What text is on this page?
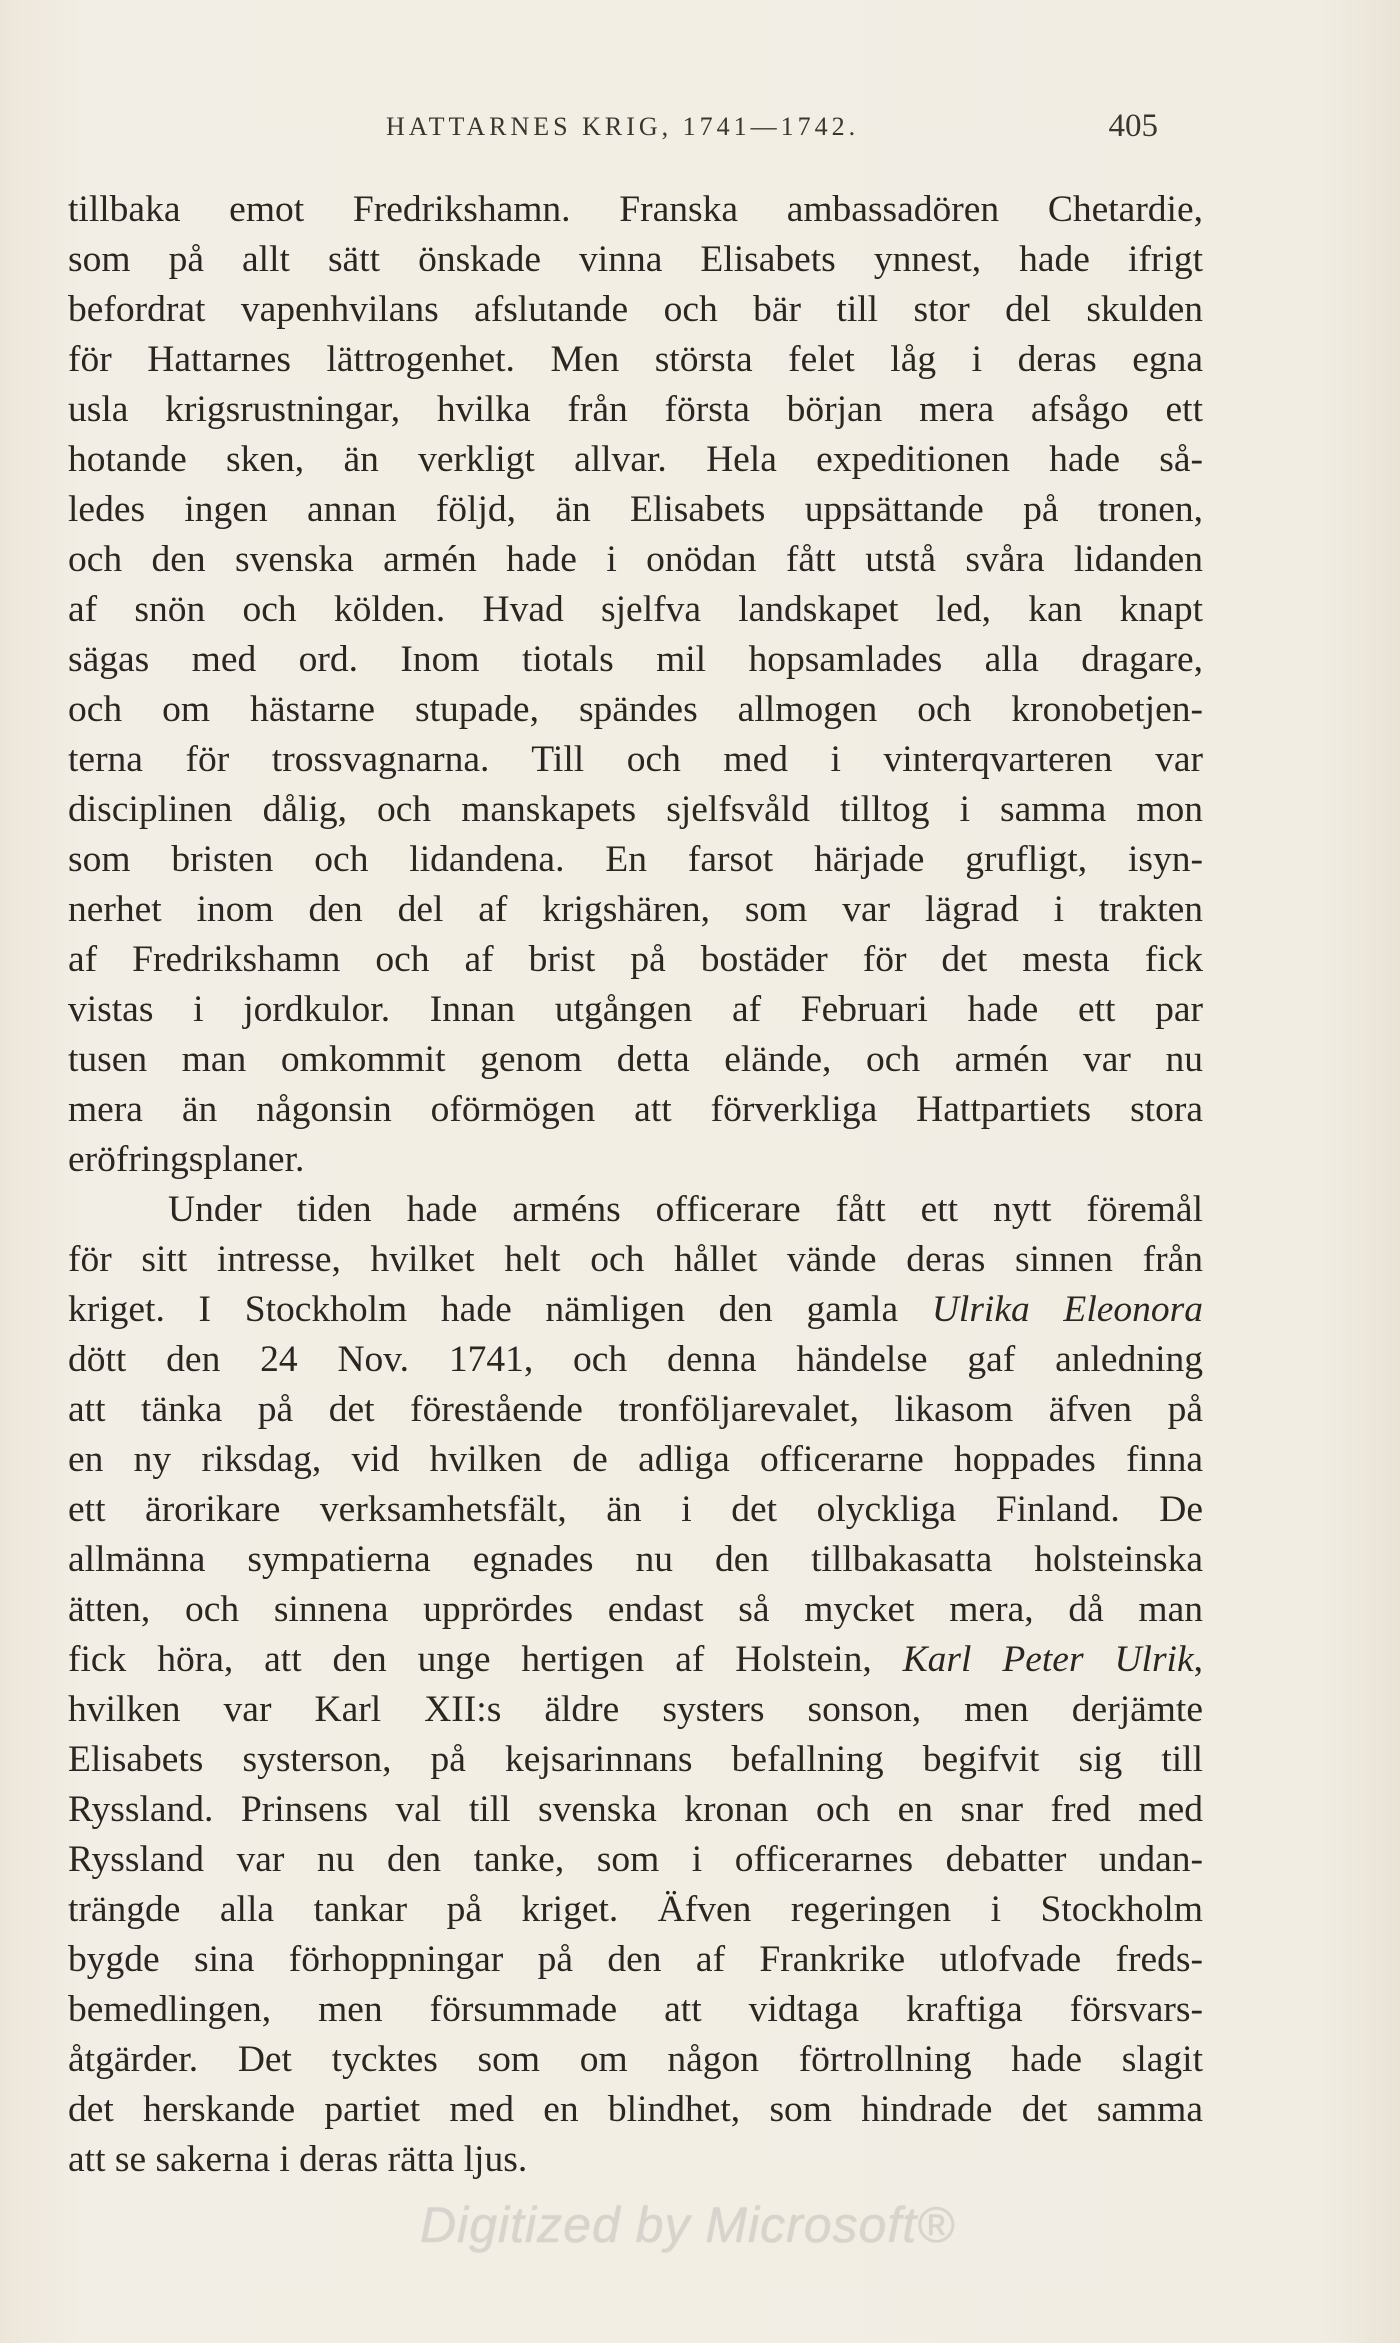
HATTARNES KRIG, 1741—1742.	405
tillbaka emot Fredrikshamn. Franska ambassadören Chetardie,
som på allt sätt önskade vinna Elisabets ynnest, hade ifrigt
befordrat vapenhvilans afslutande och bär till stor del skulden
för Hattarnes lättrogenhet. Men största felet låg i deras egna
usla krigsrustningar, hvilka från första början mera afsågo ett
hotande sken, än verkligt allvar. Hela expeditionen hade så-
ledes ingen annan följd, än Elisabets uppsättande på tronen,
och den svenska armén hade i onödan fått utstå svåra lidanden
af snön och kölden. Hvad sjelfva landskapet led, kan knapt
sägas med ord. Inom tiotals mil hopsamlades alla dragare,
och om hästarne stupade, spändes allmogen och kronobetjen-
terna för trossvagnarna. Till och med i vinterqvarteren var
disciplinen dålig, och manskapets sjelfsvåld tilltog i samma mon
som bristen och lidandena. En farsot härjade grufligt, isyn-
nerhet inom den del af krigshären, som var lägrad i trakten
af Fredrikshamn och af brist på bostäder för det mesta fick
vistas i jordkulor. Innan utgången af Februari hade ett par
tusen man omkommit genom detta elände, och armén var nu
mera än någonsin oförmögen att förverkliga Hattpartiets stora
eröfringsplaner.
Under tiden hade arméns officerare fått ett nytt föremål
för sitt intresse, hvilket helt och hållet vände deras sinnen från
kriget. I Stockholm hade nämligen den gamla Ulrika Eleonora
dött den 24 Nov. 1741, och denna händelse gaf anledning
att tänka på det förestående tronföljarevalet, likasom äfven på
en ny riksdag, vid hvilken de adliga officerarne hoppades finna
ett ärorikare verksamhetsfält, än i det olyckliga Finland. De
allmänna sympatierna egnades nu den tillbakasatta holsteinska
ätten, och sinnena upprördes endast så mycket mera, då man
fick höra, att den unge hertigen af Holstein, Karl Peter Ulrik,
hvilken var Karl XII:s äldre systers sonson, men derjämte
Elisabets systerson, på kejsarinnans befallning begifvit sig till
Ryssland. Prinsens val till svenska kronan och en snar fred med
Ryssland var nu den tanke, som i officerarnes debatter undan-
trängde alla tankar på kriget. Äfven regeringen i Stockholm
bygde sina förhoppningar på den af Frankrike utlofvade freds-
bemedlingen, men försummade att vidtaga kraftiga försvars-
åtgärder. Det tycktes som om någon förtrollning hade slagit
det herskande partiet med en blindhet, som hindrade det samma
att se sakerna i deras rätta ljus.
Digitized by Microsoft®
